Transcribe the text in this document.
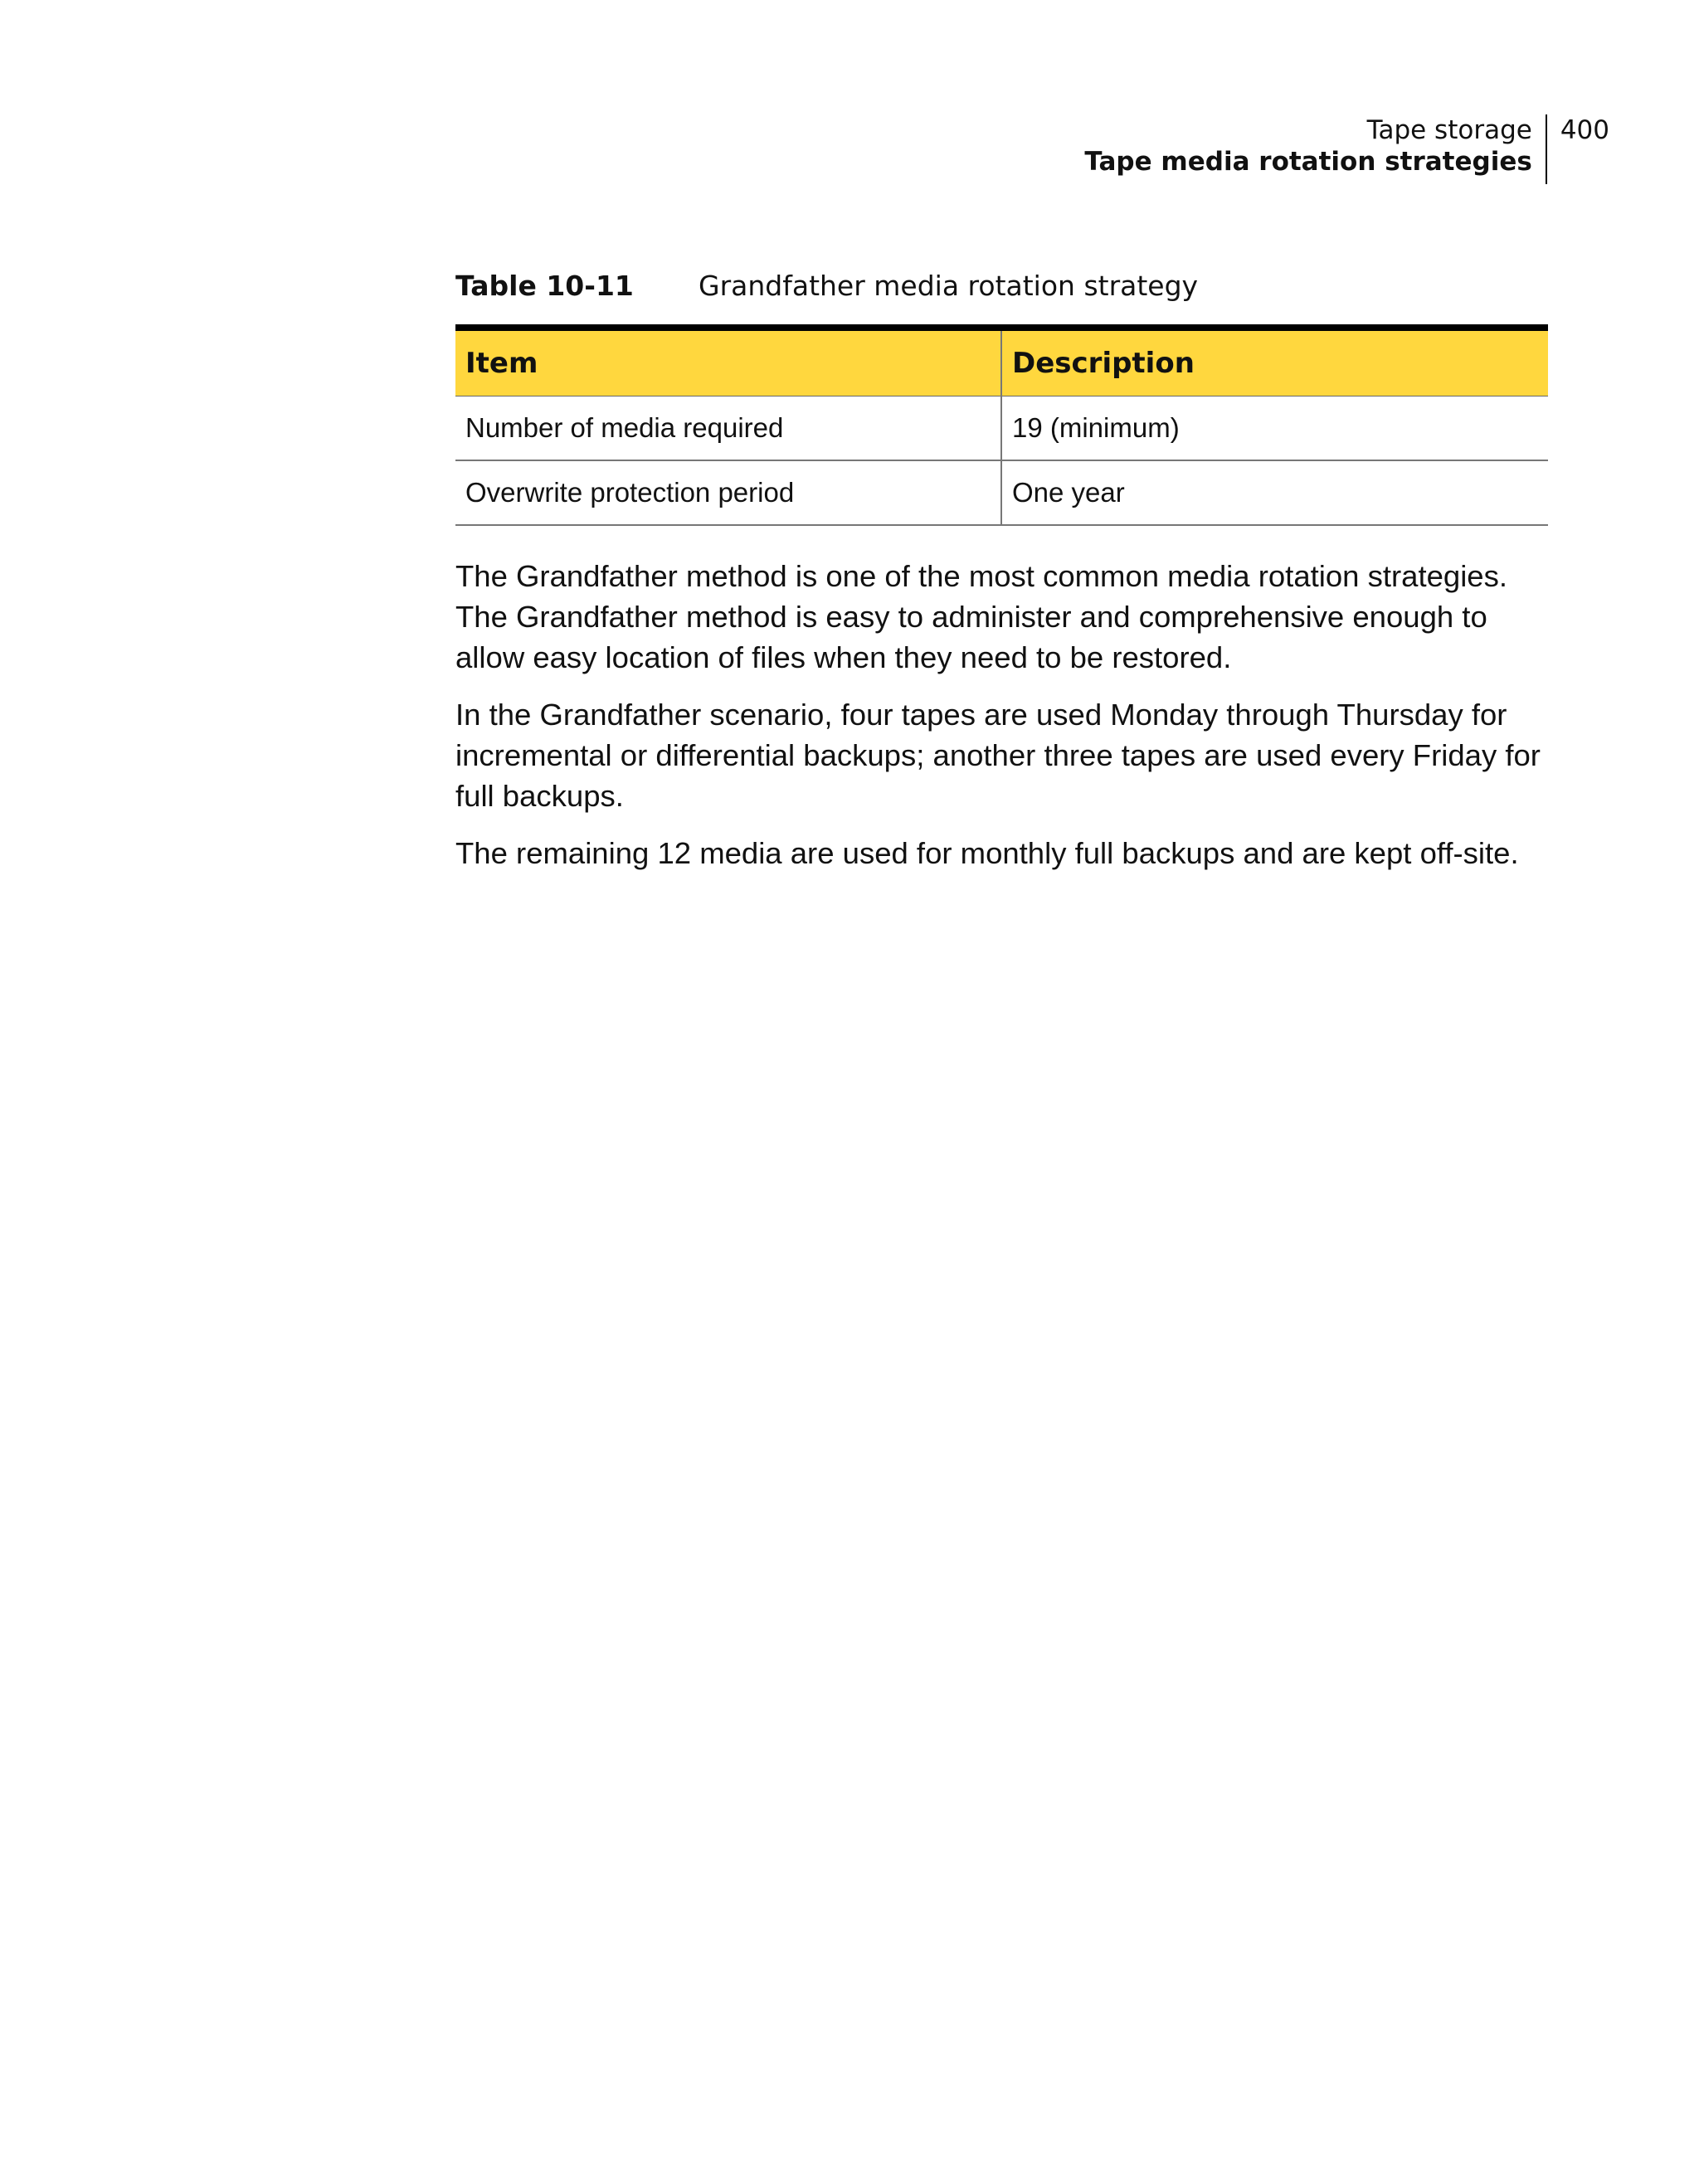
Tape storage
Tape media rotation strategies
400
Table 10-11	Grandfather media rotation strategy
Item	Description
Number of media required	19 (minimum)
Overwrite protection period	One year

The Grandfather method is one of the most common media rotation strategies. The Grandfather method is easy to administer and comprehensive enough to allow easy location of files when they need to be restored.

In the Grandfather scenario, four tapes are used Monday through Thursday for incremental or differential backups; another three tapes are used every Friday for full backups.

The remaining 12 media are used for monthly full backups and are kept off-site.
